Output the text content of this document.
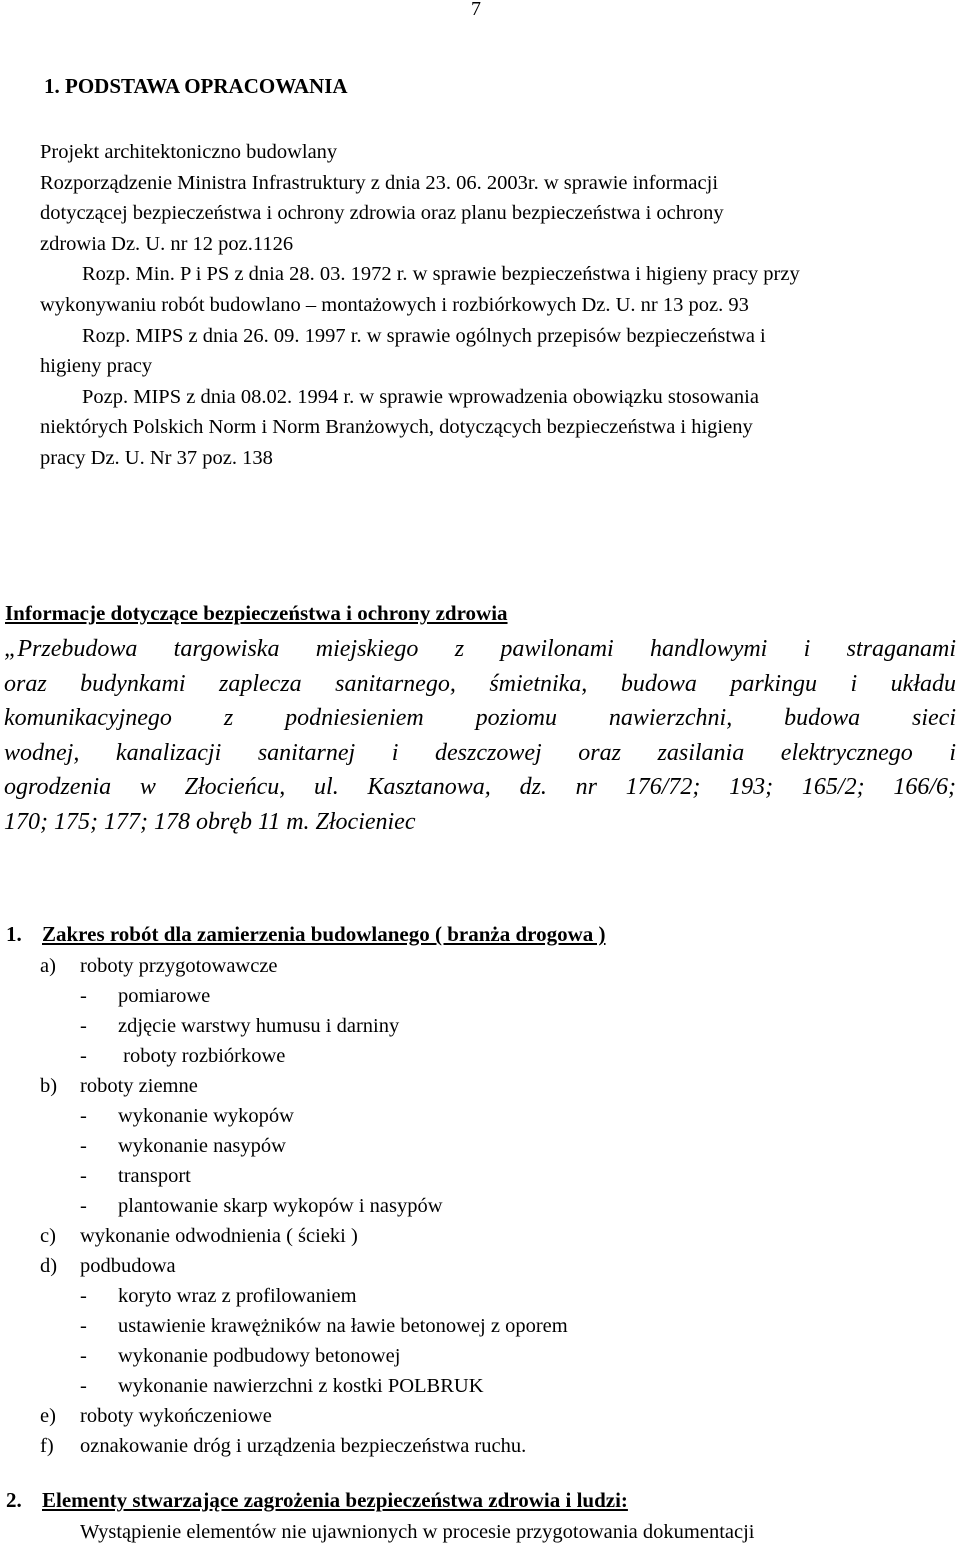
7
1. PODSTAWA OPRACOWANIA
Projekt architektoniczno budowlany
Rozporządzenie Ministra Infrastruktury z dnia 23. 06. 2003r. w sprawie informacji
dotyczącej bezpieczeństwa i ochrony zdrowia oraz planu bezpieczeństwa i ochrony
zdrowia Dz. U. nr 12 poz.1126
Rozp. Min. P i PS z dnia 28. 03. 1972 r. w sprawie bezpieczeństwa i higieny pracy przy
wykonywaniu robót budowlano – montażowych i rozbiórkowych Dz. U. nr 13 poz. 93
Rozp. MIPS z dnia 26. 09. 1997 r. w sprawie ogólnych przepisów bezpieczeństwa i
higieny pracy
Pozp. MIPS z dnia 08.02. 1994 r. w sprawie wprowadzenia obowiązku stosowania
niektórych Polskich Norm i Norm Branżowych, dotyczących bezpieczeństwa i higieny
pracy Dz. U. Nr 37 poz. 138
Informacje dotyczące bezpieczeństwa i ochrony zdrowia
„Przebudowa targowiska miejskiego z pawilonami handlowymi i straganami
oraz budynkami zaplecza sanitarnego, śmietnika, budowa parkingu i układu
komunikacyjnego z podniesieniem poziomu nawierzchni, budowa sieci
wodnej, kanalizacji sanitarnej i deszczowej oraz zasilania elektrycznego i
ogrodzenia w Złocieńcu, ul. Kasztanowa, dz. nr 176/72; 193; 165/2; 166/6;
170; 175; 177; 178 obręb 11 m. Złocieniec
1. Zakres robót dla zamierzenia budowlanego ( branża drogowa )
a) roboty przygotowawcze
- pomiarowe
- zdjęcie warstwy humusu i darniny
- roboty rozbiórkowe
b) roboty ziemne
- wykonanie wykopów
- wykonanie nasypów
- transport
- plantowanie skarp wykopów i nasypów
c) wykonanie odwodnienia ( ścieki )
d) podbudowa
- koryto wraz z profilowaniem
- ustawienie krawężników na ławie betonowej z oporem
- wykonanie podbudowy betonowej
- wykonanie nawierzchni z kostki POLBRUK
e) roboty wykończeniowe
f) oznakowanie dróg i urządzenia bezpieczeństwa ruchu.
2. Elementy stwarzające zagrożenia bezpieczeństwa zdrowia i ludzi:
Wystąpienie elementów nie ujawnionych w procesie przygotowania dokumentacji
